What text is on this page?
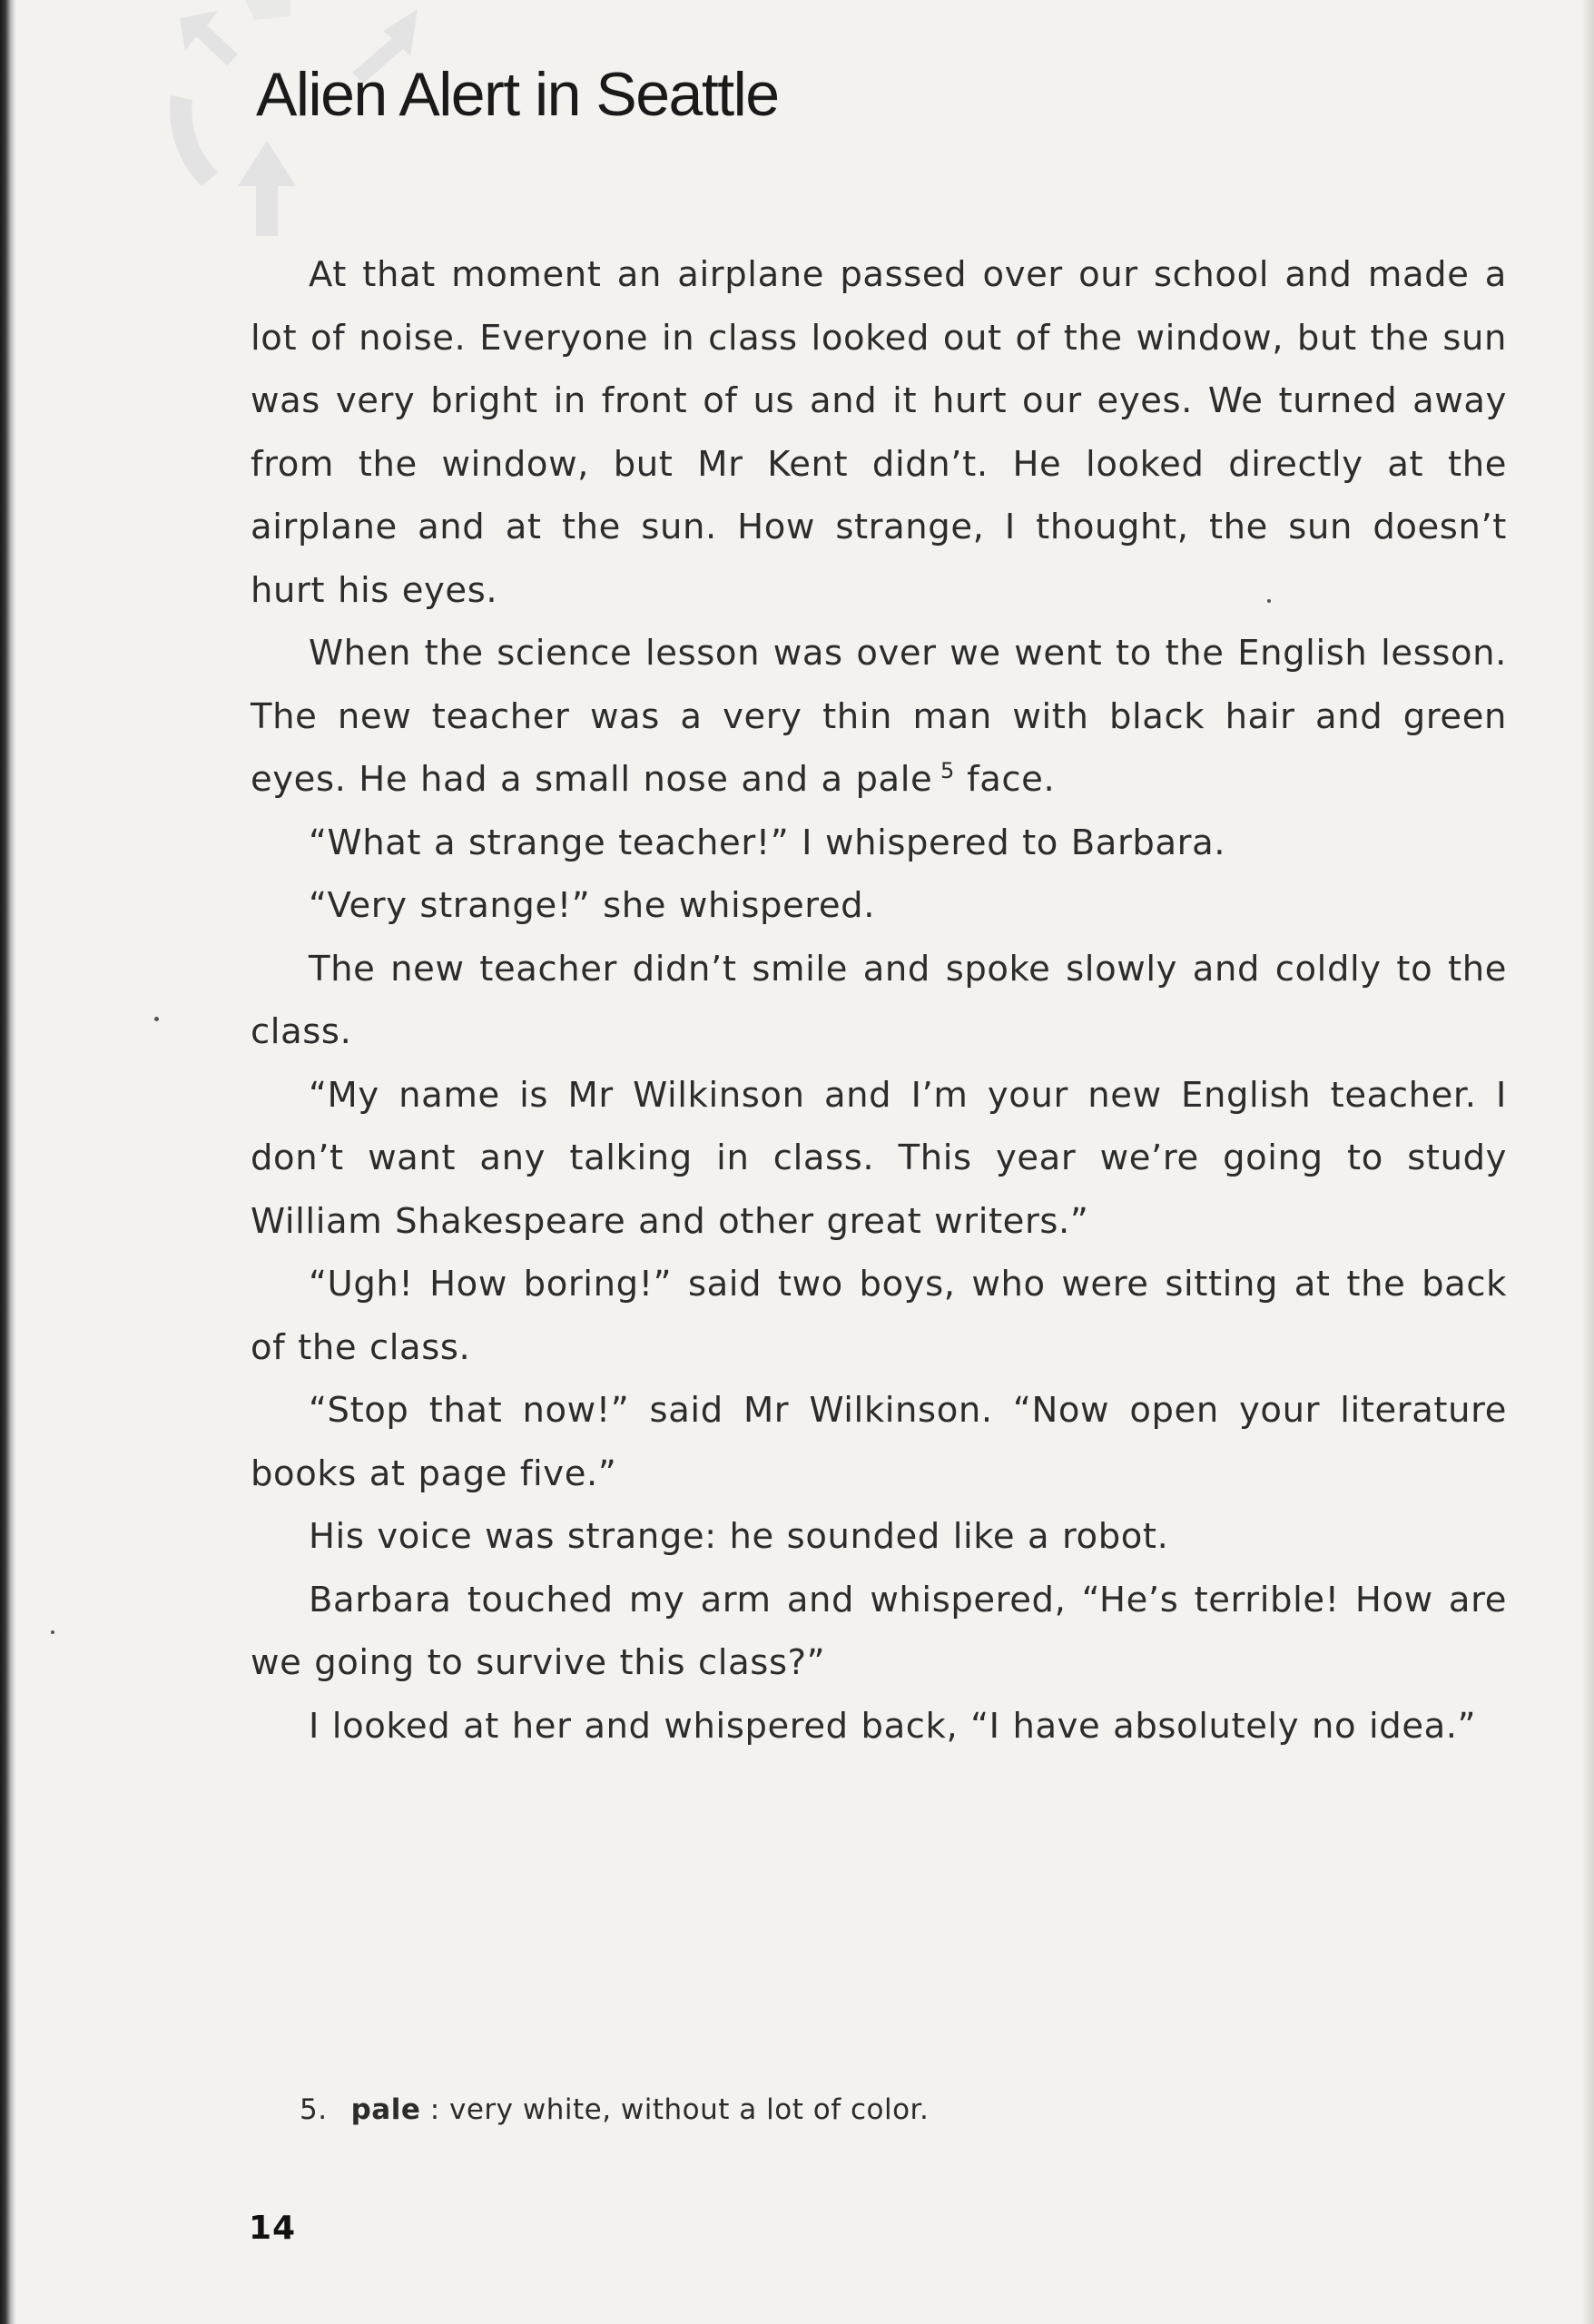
Alien Alert in Seattle

At that moment an airplane passed over our school and made a lot of noise. Everyone in class looked out of the window, but the sun was very bright in front of us and it hurt our eyes. We turned away from the window, but Mr Kent didn’t. He looked directly at the airplane and at the sun. How strange, I thought, the sun doesn’t hurt his eyes.

When the science lesson was over we went to the English lesson. The new teacher was a very thin man with black hair and green eyes. He had a small nose and a pale $^5$ face.

“What a strange teacher!” I whispered to Barbara.

“Very strange!” she whispered.

The new teacher didn’t smile and spoke slowly and coldly to the class.

“My name is Mr Wilkinson and I’m your new English teacher. I don’t want any talking in class. This year we’re going to study William Shakespeare and other great writers.”

“Ugh! How boring!” said two boys, who were sitting at the back of the class.

“Stop that now!” said Mr Wilkinson. “Now open your literature books at page five.”

His voice was strange: he sounded like a robot.

Barbara touched my arm and whispered, “He’s terrible! How are we going to survive this class?”

I looked at her and whispered back, “I have absolutely no idea.”

5. pale : very white, without a lot of color.
14
